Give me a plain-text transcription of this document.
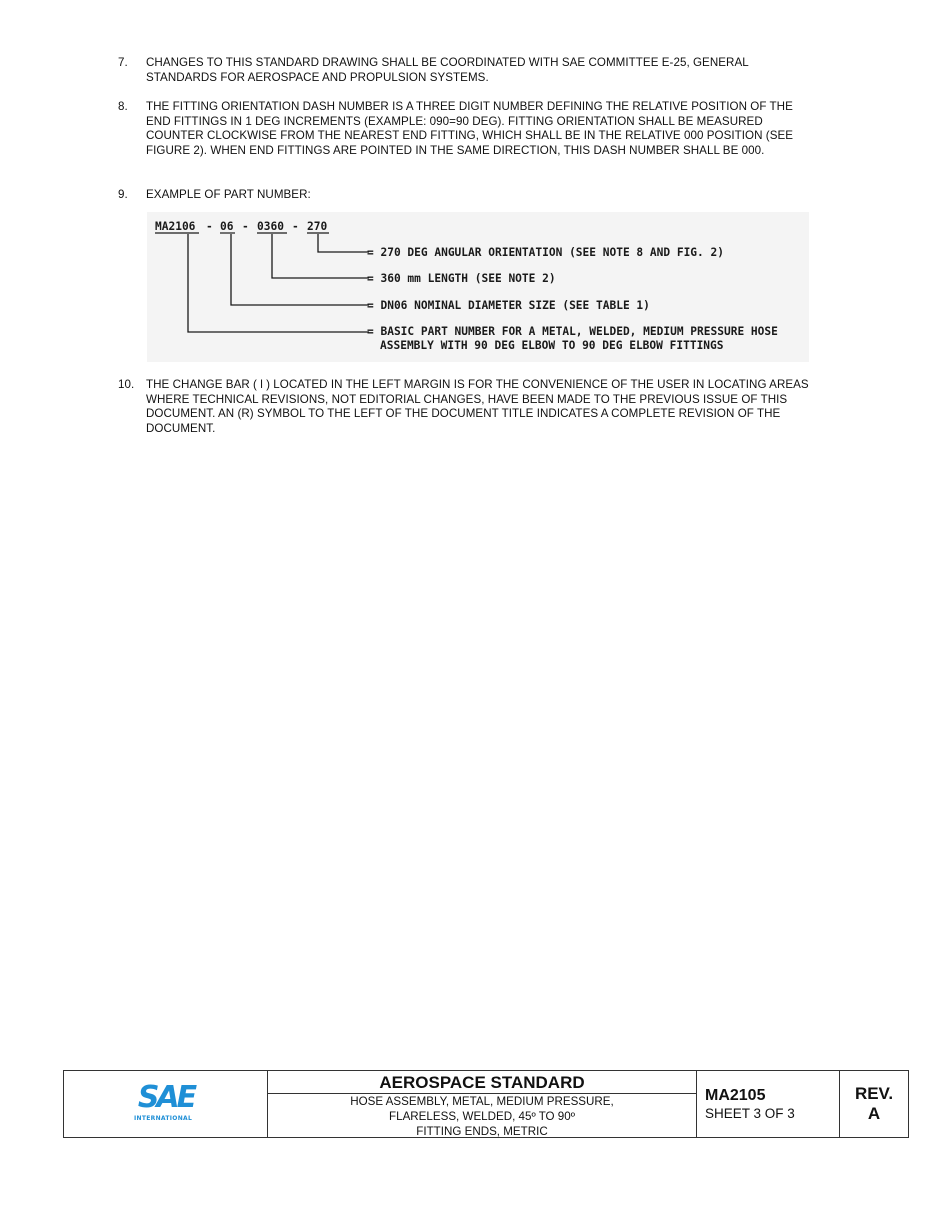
7. CHANGES TO THIS STANDARD DRAWING SHALL BE COORDINATED WITH SAE COMMITTEE E-25, GENERAL STANDARDS FOR AEROSPACE AND PROPULSION SYSTEMS.
8. THE FITTING ORIENTATION DASH NUMBER IS A THREE DIGIT NUMBER DEFINING THE RELATIVE POSITION OF THE END FITTINGS IN 1 DEG INCREMENTS (EXAMPLE: 090=90 DEG). FITTING ORIENTATION SHALL BE MEASURED COUNTER CLOCKWISE FROM THE NEAREST END FITTING, WHICH SHALL BE IN THE RELATIVE 000 POSITION (SEE FIGURE 2). WHEN END FITTINGS ARE POINTED IN THE SAME DIRECTION, THIS DASH NUMBER SHALL BE 000.
9. EXAMPLE OF PART NUMBER:
MA2106 - 06 - 0360 - 270
= 270 DEG ANGULAR ORIENTATION (SEE NOTE 8 AND FIG. 2)
= 360 mm LENGTH (SEE NOTE 2)
= DN06 NOMINAL DIAMETER SIZE (SEE TABLE 1)
= BASIC PART NUMBER FOR A METAL, WELDED, MEDIUM PRESSURE HOSE
ASSEMBLY WITH 90 DEG ELBOW TO 90 DEG ELBOW FITTINGS
10. THE CHANGE BAR ( l ) LOCATED IN THE LEFT MARGIN IS FOR THE CONVENIENCE OF THE USER IN LOCATING AREAS WHERE TECHNICAL REVISIONS, NOT EDITORIAL CHANGES, HAVE BEEN MADE TO THE PREVIOUS ISSUE OF THIS DOCUMENT. AN (R) SYMBOL TO THE LEFT OF THE DOCUMENT TITLE INDICATES A COMPLETE REVISION OF THE DOCUMENT.
SAE
INTERNATIONAL
AEROSPACE STANDARD
HOSE ASSEMBLY, METAL, MEDIUM PRESSURE,
FLARELESS, WELDED, 45º TO 90º
FITTING ENDS, METRIC
MA2105
SHEET 3 OF 3
REV.
A
